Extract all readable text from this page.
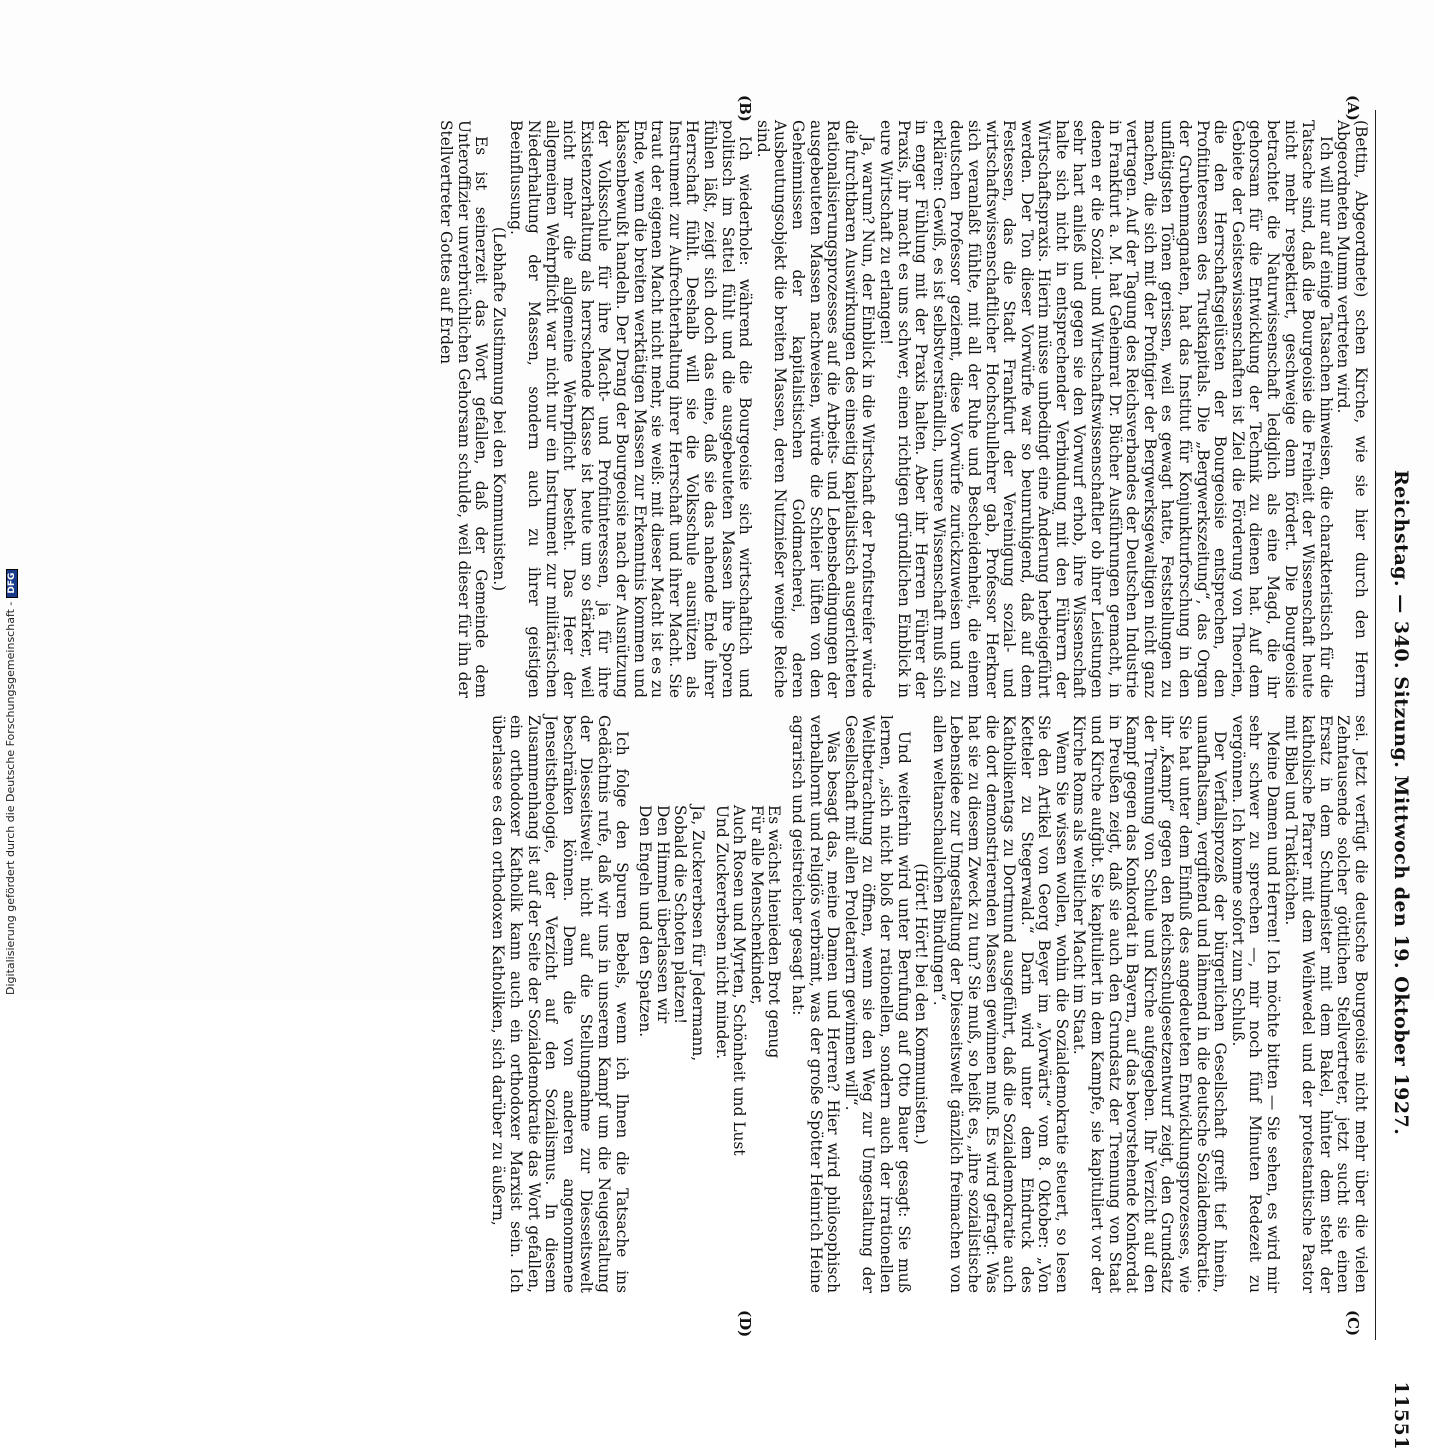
Reichstag. — 340. Sitzung. Mittwoch den 19. Oktober 1927.
11551
(A)
(B)
(C)
(D)

(Bettin, Abgeordnete) schen Kirche, wie sie hier durch den Herrn Abgeordneten Mumm vertreten wird.

Ich will nur auf einige Tatsachen hinweisen, die charakteristisch für die Tatsache sind, daß die Bourgeoisie die Freiheit der Wissenschaft heute nicht mehr respektiert, geschweige denn fördert. Die Bourgeoisie betrachtet die Naturwissenschaft lediglich als eine Magd, die ihr gehorsam für die Entwicklung der Technik zu dienen hat. Auf dem Gebiete der Geisteswissenschaften ist Ziel die Förderung von Theorien, die den Herrschaftsgelüsten der Bourgeoisie entsprechen, den Profitinteressen des Trustkapitals. Die „Bergwerkszeitung“, das Organ der Grubenmagnaten, hat das Institut für Konjunkturforschung in den unflätigsten Tönen gerissen, weil es gewagt hatte, Feststellungen zu machen, die sich mit der Profitgier der Bergwerksgewaltigen nicht ganz vertragen. Auf der Tagung des Reichsverbandes der Deutschen Industrie in Frankfurt a. M. hat Geheimrat Dr. Bücher Ausführungen gemacht, in denen er die Sozial- und Wirtschaftswissenschaftler ob ihrer Leistungen sehr hart anließ und gegen sie den Vorwurf erhob, ihre Wissenschaft halte sich nicht in entsprechender Verbindung mit den Führern der Wirtschaftspraxis. Hierin müsse unbedingt eine Änderung herbeigeführt werden. Der Ton dieser Vorwürfe war so beunruhigend, daß auf dem Festessen, das die Stadt Frankfurt der Vereinigung sozial- und wirtschaftswissenschaftlicher Hochschullehrer gab, Professor Herkner sich veranlaßt fühlte, mit all der Ruhe und Bescheidenheit, die einem deutschen Professor geziemt, diese Vorwürfe zurückzuweisen und zu erklären: Gewiß, es ist selbstverständlich, unsere Wissenschaft muß sich in enger Fühlung mit der Praxis halten. Aber ihr Herren Führer der Praxis, ihr macht es uns schwer, einen richtigen gründlichen Einblick in eure Wirtschaft zu erlangen!

Ja, warum? Nun, der Einblick in die Wirtschaft der Profitstreifer würde die furchtbaren Auswirkungen des einseitig kapitalistisch ausgerichteten Rationalisierungsprozesses auf die Arbeits- und Lebensbedingungen der ausgebeuteten Massen nachweisen, würde die Schleier lüften von den Geheimnissen der kapitalistischen Goldmacherei, deren Ausbeutungsobjekt die breiten Massen, deren Nutznießer wenige Reiche sind.

Ich wiederhole: während die Bourgeoisie sich wirtschaftlich und politisch im Sattel fühlt und die ausgebeuteten Massen ihre Sporen fühlen läßt, zeigt sich doch das eine, daß sie das nahende Ende ihrer Herrschaft fühlt. Deshalb will sie die Volksschule ausnützen als Instrument zur Aufrechterhaltung ihrer Herrschaft und ihrer Macht. Sie traut der eigenen Macht nicht mehr, sie weiß: mit dieser Macht ist es zu Ende, wenn die breiten werktätigen Massen zur Erkenntnis kommen und klassenbewußt handeln. Der Drang der Bourgeoisie nach der Ausnützung der Volksschule für ihre Macht- und Profitinteressen, ja für ihre Existenzerhaltung als herrschende Klasse ist heute um so stärker, weil nicht mehr die allgemeine Wehrpflicht besteht. Das Heer der allgemeinen Wehrpflicht war nicht nur ein Instrument zur militärischen Niederhaltung der Massen, sondern auch zu ihrer geistigen Beeinflussung.

(Lebhafte Zustimmung bei den Kommunisten.)

Es ist seinerzeit das Wort gefallen, daß der Gemeinde dem Unteroffizier unverbrüchlichen Gehorsam schulde, weil dieser für ihn der Stellvertreter Gottes auf Erden

sei. Jetzt verfügt die deutsche Bourgeoisie nicht mehr über die vielen Zehntausende solcher göttlichen Stellvertreter, jetzt sucht sie einen Ersatz in dem Schulmeister mit dem Bakel, hinter dem steht der katholische Pfarrer mit dem Weihwedel und der protestantische Pastor mit Bibel und Traktätchen.

Meine Damen und Herren! Ich möchte bitten — Sie sehen, es wird mir sehr schwer zu sprechen —, mir noch fünf Minuten Redezeit zu vergönnen. Ich komme sofort zum Schluß.

Der Verfallsprozeß der bürgerlichen Gesellschaft greift tief hinein, unaufhaltsam, vergiftend und lähmend in die deutsche Sozialdemokratie. Sie hat unter dem Einfluß des angedeuteten Entwicklungsprozesses, wie ihr „Kampf“ gegen den Reichsschulgesetzentwurf zeigt, den Grundsatz der Trennung von Schule und Kirche aufgegeben. Ihr Verzicht auf den Kampf gegen das Konkordat in Bayern, auf das bevorstehende Konkordat in Preußen zeigt, daß sie auch den Grundsatz der Trennung von Staat und Kirche aufgibt. Sie kapituliert in dem Kampfe, sie kapituliert vor der Kirche Roms als weltlicher Macht im Staat.

Wenn Sie wissen wollen, wohin die Sozialdemokratie steuert, so lesen Sie den Artikel von Georg Beyer im „Vorwärts“ vom 8. Oktober: „Von Ketteler zu Stegerwald.“ Darin wird unter dem Eindruck des Katholikentags zu Dortmund ausgeführt, daß die Sozialdemokratie auch die dort demonstrierenden Massen gewinnen muß. Es wird gefragt: Was hat sie zu diesem Zweck zu tun? Sie muß, so heißt es, „ihre sozialistische Lebensidee zur Umgestaltung der Diesseitswelt gänzlich freimachen von allen weltanschaulichen Bindungen“.

(Hört! Hört! bei den Kommunisten.)

Und weiterhin wird unter Berufung auf Otto Bauer gesagt: Sie muß lernen, „sich nicht bloß der rationellen, sondern auch der irrationellen Weltbetrachtung zu öffnen, wenn sie den Weg zur Umgestaltung der Gesellschaft mit allen Proletariern gewinnen will“.

Was besagt das, meine Damen und Herren? Hier wird philosophisch verbalhornt und religiös verbrämt, was der große Spötter Heinrich Heine agrarisch und geistreicher gesagt hat:

Es wächst hienieden Brot genug

Für alle Menschenkinder,

Auch Rosen und Myrten, Schönheit und Lust

Und Zuckererbsen nicht minder.

Ja, Zuckererbsen für Jedermann,

Sobald die Schoten platzen!

Den Himmel überlassen wir

Den Engeln und den Spatzen.

Ich folge den Spuren Bebels, wenn ich Ihnen die Tatsache ins Gedächtnis rufe, daß wir uns in unserem Kampf um die Neugestaltung der Diesseitswelt nicht auf die Stellungnahme zur Diesseitswelt beschränken können. Denn die von anderen angenommene Jenseitstheologie, der Verzicht auf den Sozialismus. In diesem Zusammenhang ist auf der Seite der Sozialdemokratie das Wort gefallen, ein orthodoxer Katholik kann auch ein orthodoxer Marxist sein. Ich überlasse es den orthodoxen Katholiken, sich darüber zu äußern,

Digitalisierung gefördert durch die Deutsche Forschungsgemeinschaft -DFG
